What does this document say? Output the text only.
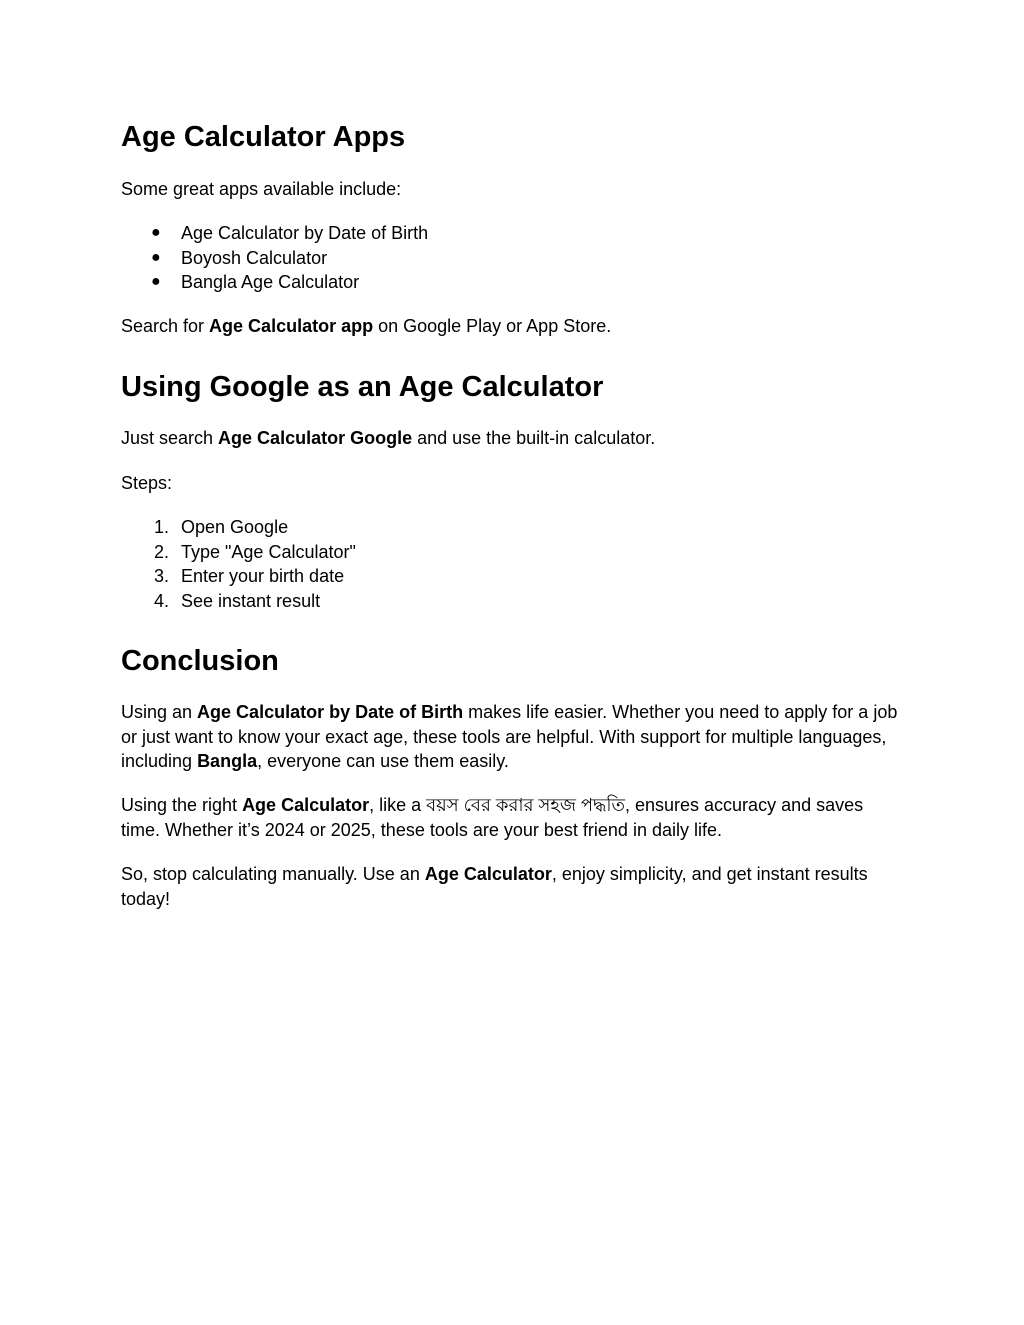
Age Calculator Apps

Some great apps available include:

● Age Calculator by Date of Birth
● Boyosh Calculator
● Bangla Age Calculator

Search for Age Calculator app on Google Play or App Store.

Using Google as an Age Calculator

Just search Age Calculator Google and use the built-in calculator.

Steps:

1. Open Google
2. Type "Age Calculator"
3. Enter your birth date
4. See instant result
Conclusion

Using an Age Calculator by Date of Birth makes life easier. Whether you need to apply for a job or just want to know your exact age, these tools are helpful. With support for multiple languages, including Bangla, everyone can use them easily.

Using the right Age Calculator, like a বয়স বের করার সহজ পদ্ধতি, ensures accuracy and saves time. Whether it’s 2024 or 2025, these tools are your best friend in daily life.

So, stop calculating manually. Use an Age Calculator, enjoy simplicity, and get instant results today!
